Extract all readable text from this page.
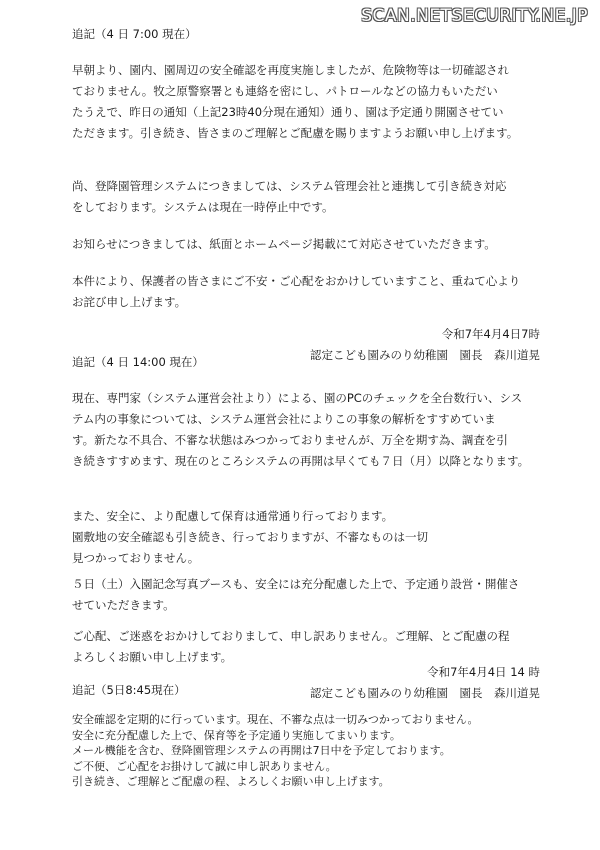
SCAN.NETSECURITY.NE.JP
追記（4 日 7:00 現在）

早朝より、園内、園周辺の安全確認を再度実施しましたが、危険物等は一切確認され
ておりません。牧之原警察署とも連絡を密にし、パトロールなどの協力もいただい
たうえで、昨日の通知（上記23時40分現在通知）通り、園は予定通り開園させてい
ただきます。引き続き、皆さまのご理解とご配慮を賜りますようお願い申し上げます。

尚、登降園管理システムにつきましては、システム管理会社と連携して引き続き対応
をしております。システムは現在一時停止中です。

お知らせにつきましては、紙面とホームページ掲載にて対応させていただきます。

本件により、保護者の皆さまにご不安・ご心配をおかけしていますこと、重ねて心より
お詫び申し上げます。

令和7年4月4日7時
認定こども園みのり幼稚園　園長　森川道晃
追記（4 日 14:00 現在）

現在、専門家（システム運営会社より）による、園のPCのチェックを全台数行い、シス
テム内の事象については、システム運営会社によりこの事象の解析をすすめていま
す。新たな不具合、不審な状態はみつかっておりませんが、万全を期す為、調査を引
き続きすすめます、現在のところシステムの再開は早くても７日（月）以降となります。

また、安全に、より配慮して保育は通常通り行っております。
園敷地の安全確認も引き続き、行っておりますが、不審なものは一切
見つかっておりません。

５日（土）入園記念写真ブースも、安全には充分配慮した上で、予定通り設営・開催さ
せていただきます。

ご心配、ご迷惑をおかけしておりまして、申し訳ありません。ご理解、とご配慮の程
よろしくお願い申し上げます。

令和7年4月4日 14 時
認定こども園みのり幼稚園　園長　森川道晃
追記（5日8:45現在）

安全確認を定期的に行っています。現在、不審な点は一切みつかっておりません。
安全に充分配慮した上で、保育等を予定通り実施してまいります。
メール機能を含む、登降園管理システムの再開は7日中を予定しております。
ご不便、ご心配をお掛けして誠に申し訳ありません。
引き続き、ご理解とご配慮の程、よろしくお願い申し上げます。
